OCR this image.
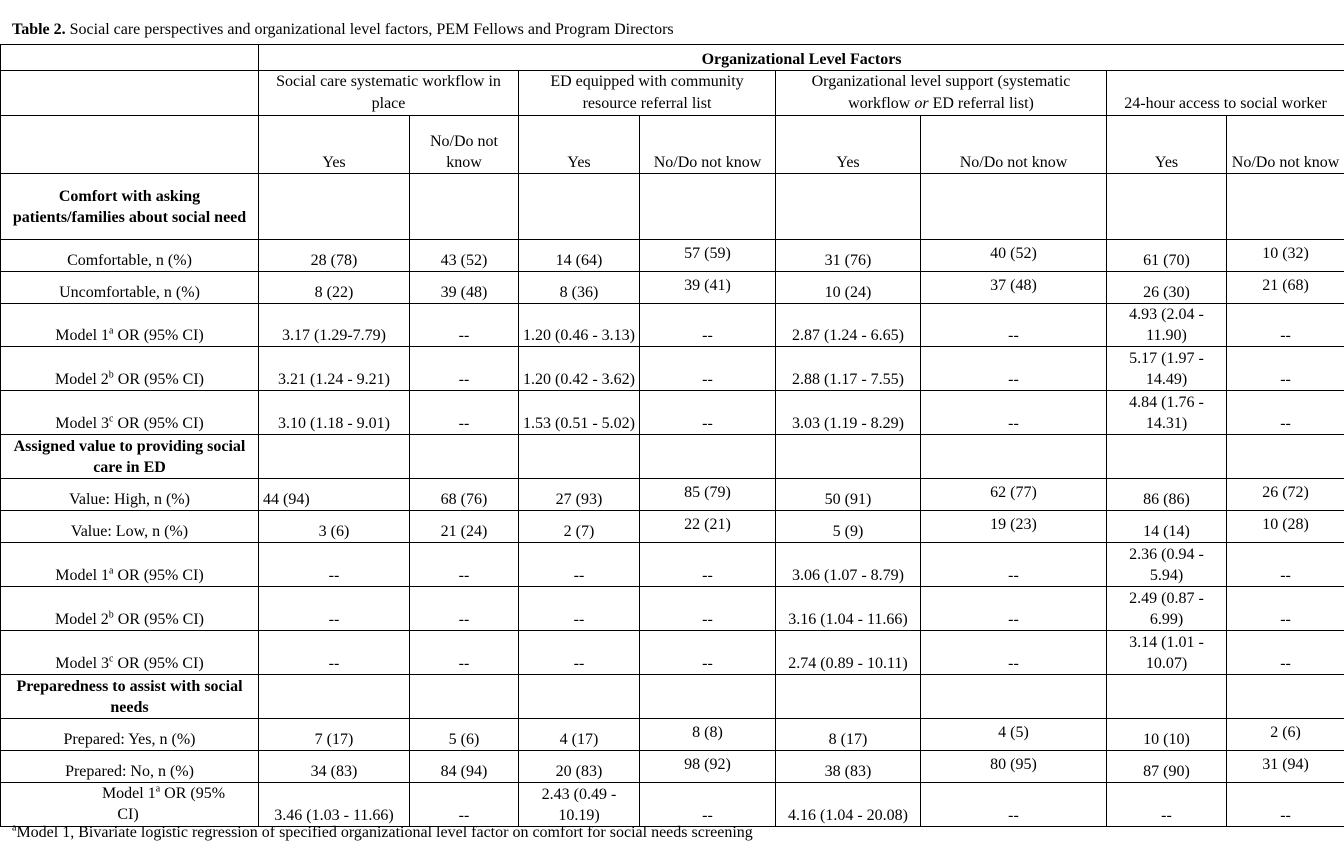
Table 2. Social care perspectives and organizational level factors, PEM Fellows and Program Directors
	Organizational Level Factors							
	Social care systematic workflow in place		ED equipped with community resource referral list		Organizational level support (systematic workflow or ED referral list)		24-hour access to social worker	
	Yes	No/Do not know	Yes	No/Do not know	Yes	No/Do not know	Yes	No/Do not know
Comfort with asking patients/families about social need								
Comfortable, n (%)	28 (78)	43 (52)	14 (64)	57 (59)	31 (76)	40 (52)	61 (70)	10 (32)
Uncomfortable, n (%)	8 (22)	39 (48)	8 (36)	39 (41)	10 (24)	37 (48)	26 (30)	21 (68)
Model 1$^a$ OR (95% CI)	3.17 (1.29-7.79)	--	1.20 (0.46 - 3.13)	--	2.87 (1.24 - 6.65)	--	4.93 (2.04 - 11.90)	--
Model 2$^b$ OR (95% CI)	3.21 (1.24 - 9.21)	--	1.20 (0.42 - 3.62)	--	2.88 (1.17 - 7.55)	--	5.17 (1.97 - 14.49)	--
Model 3$^c$ OR (95% CI)	3.10 (1.18 - 9.01)	--	1.53 (0.51 - 5.02)	--	3.03 (1.19 - 8.29)	--	4.84 (1.76 - 14.31)	--
Assigned value to providing social care in ED								
Value: High, n (%)	44 (94)	68 (76)	27 (93)	85 (79)	50 (91)	62 (77)	86 (86)	26 (72)
Value: Low, n (%)	3 (6)	21 (24)	2 (7)	22 (21)	5 (9)	19 (23)	14 (14)	10 (28)
Model 1$^a$ OR (95% CI)	--	--	--	--	3.06 (1.07 - 8.79)	--	2.36 (0.94 - 5.94)	--
Model 2$^b$ OR (95% CI)	--	--	--	--	3.16 (1.04 - 11.66)	--	2.49 (0.87 - 6.99)	--
Model 3$^c$ OR (95% CI)	--	--	--	--	2.74 (0.89 - 10.11)	--	3.14 (1.01 - 10.07)	--
Preparedness to assist with social needs								
Prepared: Yes, n (%)	7 (17)	5 (6)	4 (17)	8 (8)	8 (17)	4 (5)	10 (10)	2 (6)
Prepared: No, n (%)	34 (83)	84 (94)	20 (83)	98 (92)	38 (83)	80 (95)	87 (90)	31 (94)

Model 1$^a$ OR (95%
CI)	3.46 (1.03 - 11.66)	--	2.43 (0.49 - 10.19)	--	4.16 (1.04 - 20.08)	--	--	--
$^a$Model 1, Bivariate logistic regression of specified organizational level factor on comfort for social needs screening
